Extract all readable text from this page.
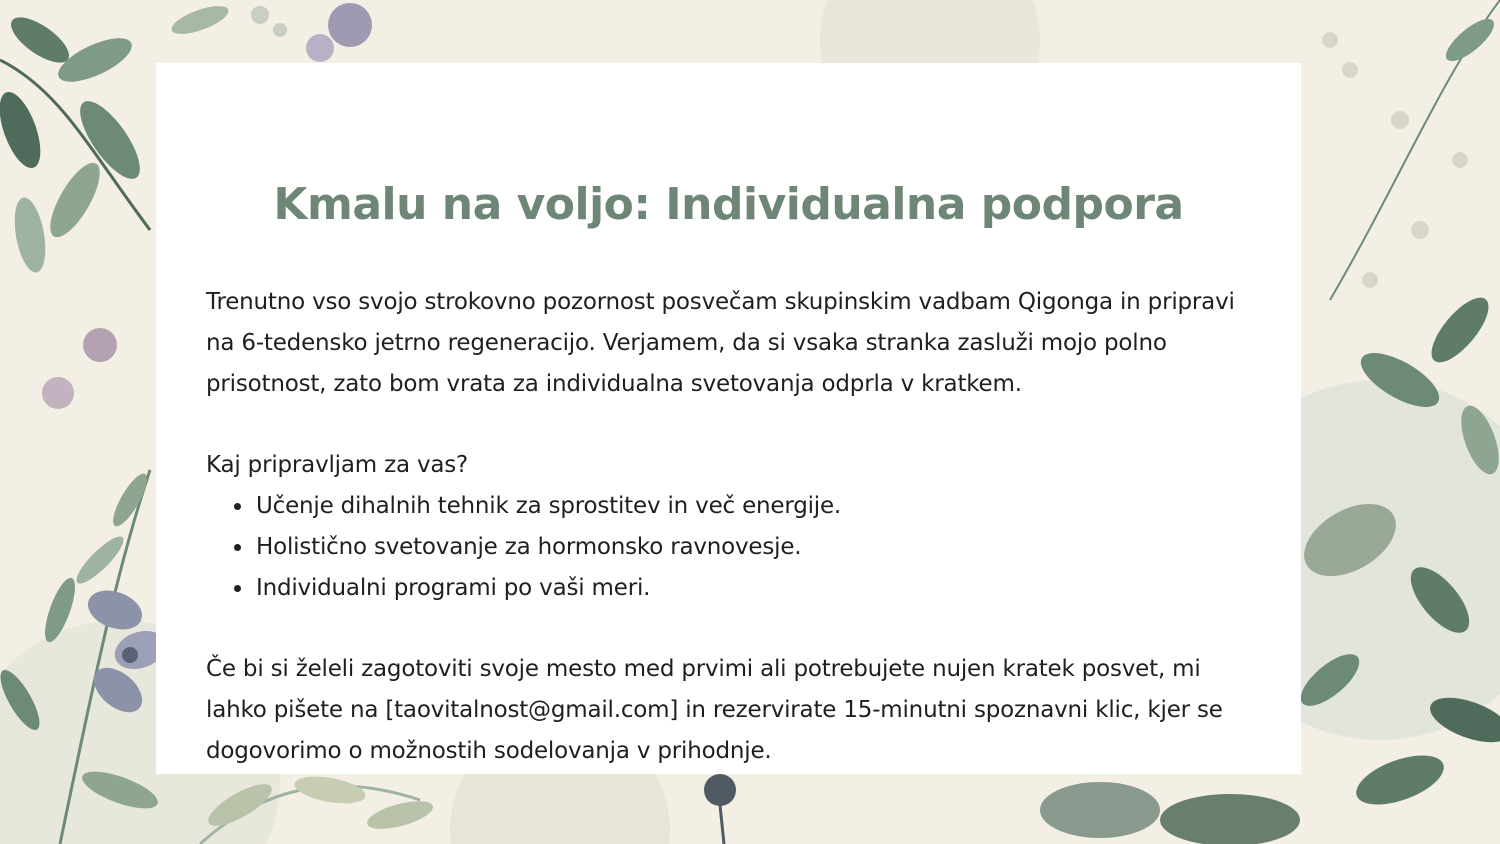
Kmalu na voljo: Individualna podpora

Trenutno vso svojo strokovno pozornost posvečam skupinskim vadbam Qigonga in pripravi na 6-tedensko jetrno regeneracijo. Verjamem, da si vsaka stranka zasluži mojo polno prisotnost, zato bom vrata za individualna svetovanja odprla v kratkem.

Kaj pripravljam za vas?

• Učenje dihalnih tehnik za sprostitev in več energije.
• Holistično svetovanje za hormonsko ravnovesje.
• Individualni programi po vaši meri.

Če bi si želeli zagotoviti svoje mesto med prvimi ali potrebujete nujen kratek posvet, mi lahko pišete na [taovitalnost@gmail.com] in rezervirate 15-minutni spoznavni klic, kjer se dogovorimo o možnostih sodelovanja v prihodnje.
